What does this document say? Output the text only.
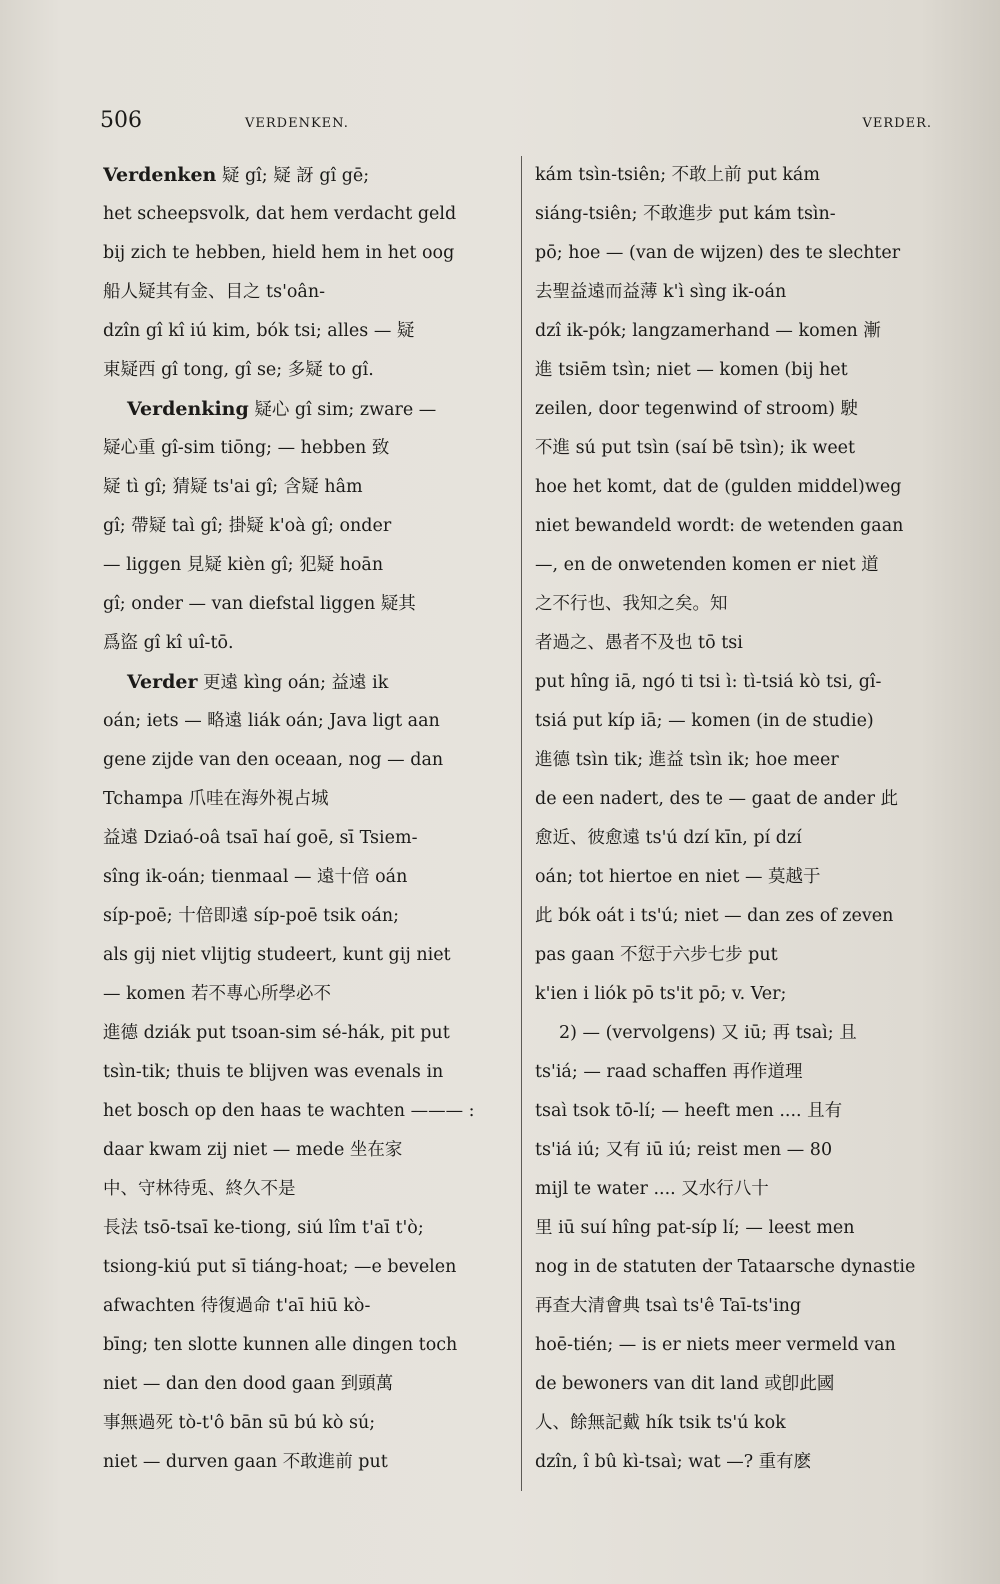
506	VERDENKEN.	VERDER.
Verdenken 疑 gî; 疑 訝 gî gē;
het scheepsvolk, dat hem verdacht geld
bij zich te hebben, hield hem in het oog
船人疑其有金、目之 ts'oân-
dzîn gî kî iú kim, bók tsi; alles — 疑
東疑西 gî tong, gî se; 多疑 to gî.
Verdenking 疑心 gî sim; zware —
疑心重 gî-sim tiōng; — hebben 致
疑 tì gî; 猜疑 ts'ai gî; 含疑 hâm
gî; 帶疑 taì gî; 掛疑 k'oà gî; onder
— liggen 見疑 kièn gî; 犯疑 hoān
gî; onder — van diefstal liggen 疑其
爲盜 gî kî uî-tō.
Verder 更遠 kìng oán; 益遠 ik
oán; iets — 略遠 liák oán; Java ligt aan
gene zijde van den oceaan, nog — dan
Tchampa 爪哇在海外視占城
益遠 Dziaó-oâ tsaī haí goē, sī Tsiem-
sîng ik-oán; tienmaal — 遠十倍 oán
síp-poē; 十倍即遠 síp-poē tsik oán;
als gij niet vlijtig studeert, kunt gij niet
— komen 若不專心所學必不
進德 dziák put tsoan-sim sé-hák, pit put
tsìn-tik; thuis te blijven was evenals in
het bosch op den haas te wachten ——— :
daar kwam zij niet — mede 坐在家
中、守林待兎、終久不是
長法 tsō-tsaī ke-tiong, siú lîm t'aī t'ò;
tsiong-kiú put sī tiáng-hoat; —e bevelen
afwachten 待復過命 t'aī hiū kò-
bīng; ten slotte kunnen alle dingen toch
niet — dan den dood gaan 到頭萬
事無過死 tò-t'ô bān sū bú kò sú;
niet — durven gaan 不敢進前 put
kám tsìn-tsiên; 不敢上前 put kám
siáng-tsiên; 不敢進步 put kám tsìn-
pō; hoe — (van de wijzen) des te slechter
去聖益遠而益薄 k'ì sìng ik-oán
dzî ik-pók; langzamerhand — komen 漸
進 tsiēm tsìn; niet — komen (bij het
zeilen, door tegenwind of stroom) 駛
不進 sú put tsìn (saí bē tsìn); ik weet
hoe het komt, dat de (gulden middel)weg
niet bewandeld wordt: de wetenden gaan
—, en de onwetenden komen er niet 道
之不行也、我知之矣。知
者過之、愚者不及也 tō tsi
put hîng iā, ngó ti tsi ì: tì-tsiá kò tsi, gî-
tsiá put kíp iā; — komen (in de studie)
進德 tsìn tik; 進益 tsìn ik; hoe meer
de een nadert, des te — gaat de ander 此
愈近、彼愈遠 ts'ú dzí kīn, pí dzí
oán; tot hiertoe en niet — 莫越于
此 bók oát i ts'ú; niet — dan zes of zeven
pas gaan 不愆于六步七步 put
k'ien i liók pō ts'it pō; v. Ver;
2) — (vervolgens) 又 iū; 再 tsaì; 且
ts'iá; — raad schaffen 再作道理
tsaì tsok tō-lí; — heeft men .... 且有
ts'iá iú; 又有 iū iú; reist men — 80
mijl te water .... 又水行八十
里 iū suí hîng pat-síp lí; — leest men
nog in de statuten der Tataarsche dynastie
再查大清會典 tsaì ts'ê Taī-ts'ing
hoē-tién; — is er niets meer vermeld van
de bewoners van dit land 或卽此國
人、餘無記戴 hík tsik ts'ú kok
dzîn, î bû kì-tsaì; wat —? 重有麽
